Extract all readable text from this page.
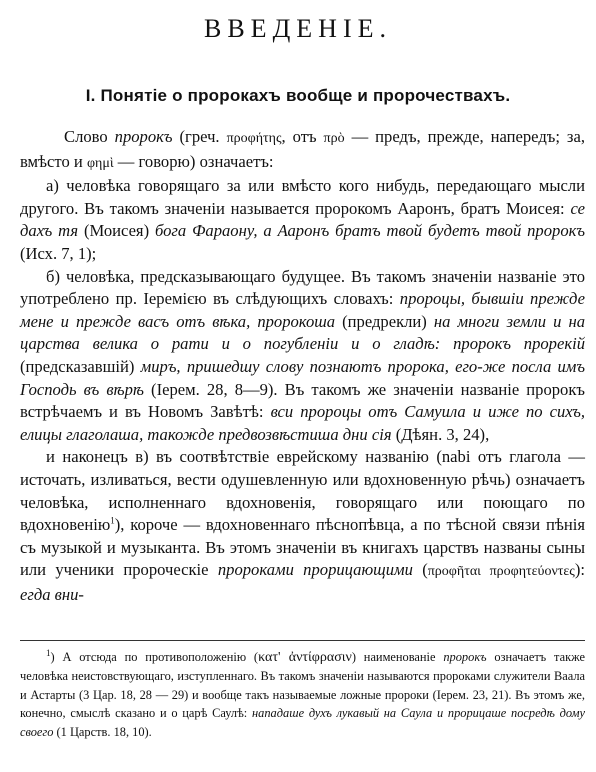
ВВЕДЕНІЕ.
I. Понятіе о пророкахъ вообще и пророчествахъ.

Слово пророкъ (греч. προφήτης, отъ πρὸ — предъ, прежде, напередъ; за, вмѣсто и φημὶ — говорю) означаетъ:

а) человѣка говорящаго за или вмѣсто кого нибудь, передающаго мысли другого. Въ такомъ значеніи называется пророкомъ Ааронъ, братъ Моисея: се дахъ тя (Моисея) бога Фараону, а Ааронъ братъ твой будетъ твой пророкъ (Исх. 7, 1);

б) человѣка, предсказывающаго будущее. Въ такомъ значеніи названіе это употреблено пр. Іеремією въ слѣдующихъ словахъ: пророцы, бывшіи прежде мене и прежде васъ отъ вѣка, пророкоша (предрекли) на многи земли и на царства велика о рати и о погубленіи и о гладѣ: пророкъ прорекій (предсказавшій) миръ, пришедшу слову познаютъ пророка, его-же посла имъ Господь въ вѣрѣ (Іерем. 28, 8—9). Въ такомъ же значеніи названіе пророкъ встрѣчаемъ и въ Новомъ Завѣтѣ: вси пророцы отъ Самуила и иже по сихъ, елицы глаголаша, такожде предвозвѣстиша дни сія (Дѣян. 3, 24),

и наконецъ в) въ соотвѣтствіе еврейскому названію (nabi отъ глагола — источать, изливаться, вести одушевленную или вдохновенную рѣчь) означаетъ человѣка, исполненнаго вдохновенія, говорящаго или поющаго по вдохновенію$^1$), короче — вдохновеннаго пѣснопѣвца, а по тѣсной связи пѣнія съ музыкой и музыканта. Въ этомъ значеніи въ книгахъ царствъ названы сыны или ученики пророческіе пророками прорицающими (προφῆται προφητεύοντες): егда вни-

$^1$) А отсюда по противоположенію (κατ' ἀντίφρασιν) наименованіе пророкъ означаетъ также человѣка неистовствующаго, изступленнаго. Въ такомъ значеніи называются пророками служители Ваала и Астарты (3 Цар. 18, 28 — 29) и вообще такъ называемые ложные пророки (Іерем. 23, 21). Въ этомъ же, конечно, смыслѣ сказано и о царѣ Саулѣ: нападаше духъ лукавый на Саула и прорицаше посредѣ дому своего (1 Царств. 18, 10).
